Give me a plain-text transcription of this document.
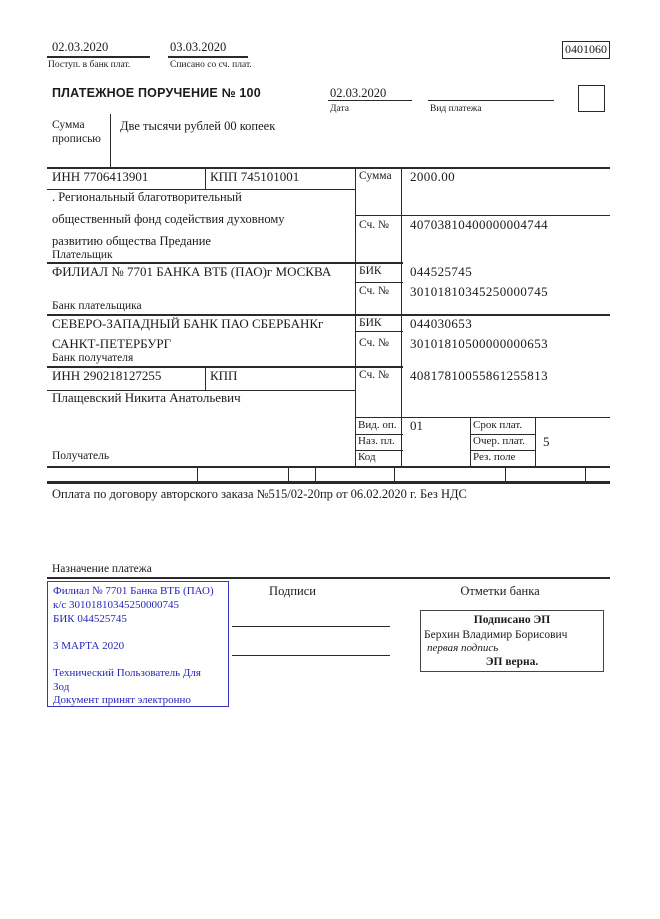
02.03.2020
Поступ. в банк плат.
03.03.2020
Списано со сч. плат.
0401060
ПЛАТЕЖНОЕ ПОРУЧЕНИЕ № 100	02.03.2020
Дата	Вид платежа
Сумма
прописью
Две тысячи рублей 00 копеек
ИНН 7706413901	КПП 745101001	Сумма 2000.00
. Региональный благотворительный
общественный фонд содействия духовному
развитию общества Предание
Сч. № 40703810400000004744
Плательщик
ФИЛИАЛ № 7701 БАНКА ВТБ (ПАО)г МОСКВА БИК 044525745
Сч. № 30101810345250000745
Банк плательщика
СЕВЕРО-ЗАПАДНЫЙ БАНК ПАО СБЕРБАНКг
САНКТ-ПЕТЕРБУРГ
БИК 044030653
Сч. № 30101810500000000653
Банк получателя
ИНН 290218127255	КПП	Сч. № 40817810055861255813
Плащевский Никита Анатольевич
Получатель
Вид. оп. 01	Срок плат.
Наз. пл.	Очер. плат. 5
Код	Рез. поле
Оплата по договору авторского заказа №515/02-20пр от 06.02.2020 г. Без НДС
Назначение платежа
Подписи	Отметки банка
Филиал № 7701 Банка ВТБ (ПАО)
к/с 30101810345250000745
БИК 044525745
3 МАРТА 2020
Технический Пользователь Для
Зод
Документ принят электронно
Подписано ЭП
Берхин Владимир Борисович
первая подпись
ЭП верна.
